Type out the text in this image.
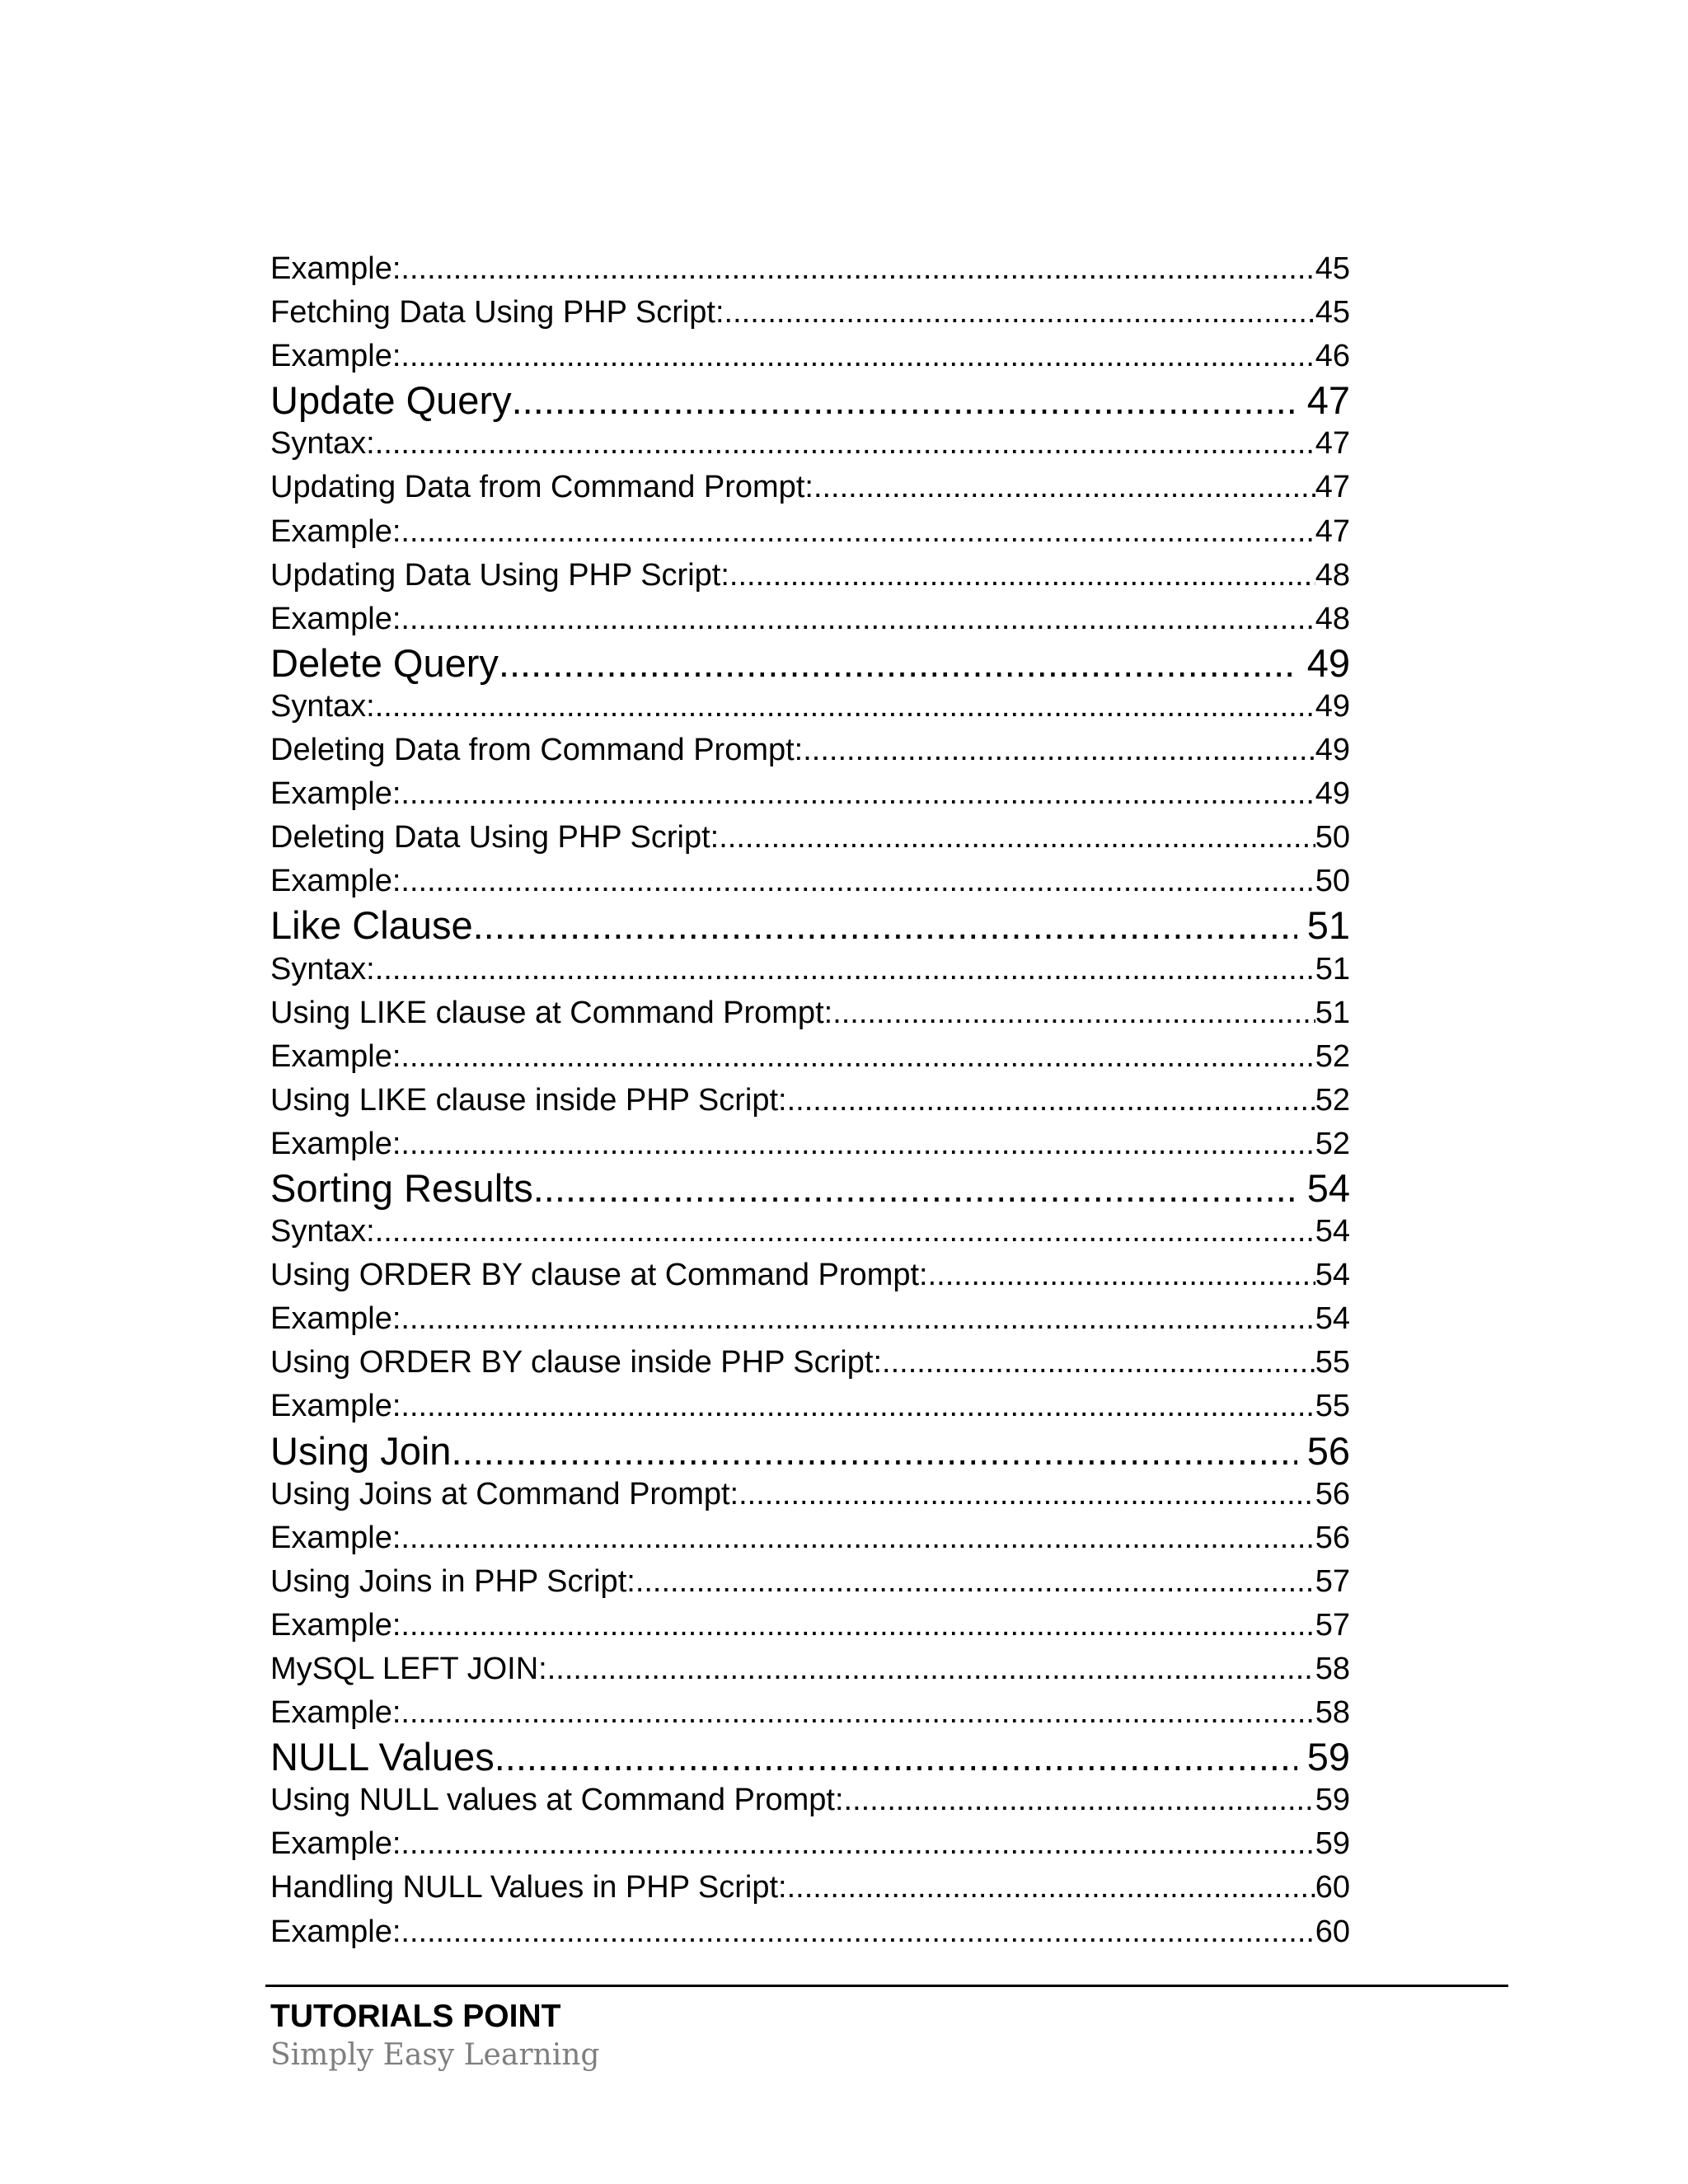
Example: .....	45
Fetching Data Using PHP Script: .....	45
Example: .....	46
Update Query .....	47
Syntax: .....	47
Updating Data from Command Prompt: .....	47
Example: .....	47
Updating Data Using PHP Script: .....	48
Example: .....	48
Delete Query .....	49
Syntax: .....	49
Deleting Data from Command Prompt: .....	49
Example: .....	49
Deleting Data Using PHP Script: .....	50
Example: .....	50
Like Clause .....	51
Syntax: .....	51
Using LIKE clause at Command Prompt: .....	51
Example: .....	52
Using LIKE clause inside PHP Script: .....	52
Example: .....	52
Sorting Results .....	54
Syntax: .....	54
Using ORDER BY clause at Command Prompt: .....	54
Example: .....	54
Using ORDER BY clause inside PHP Script: .....	55
Example: .....	55
Using Join .....	56
Using Joins at Command Prompt: .....	56
Example: .....	56
Using Joins in PHP Script: .....	57
Example: .....	57
MySQL LEFT JOIN: .....	58
Example: .....	58
NULL Values .....	59
Using NULL values at Command Prompt: .....	59
Example: .....	59
Handling NULL Values in PHP Script: .....	60
Example: .....	60
TUTORIALS POINT
Simply Easy Learning
